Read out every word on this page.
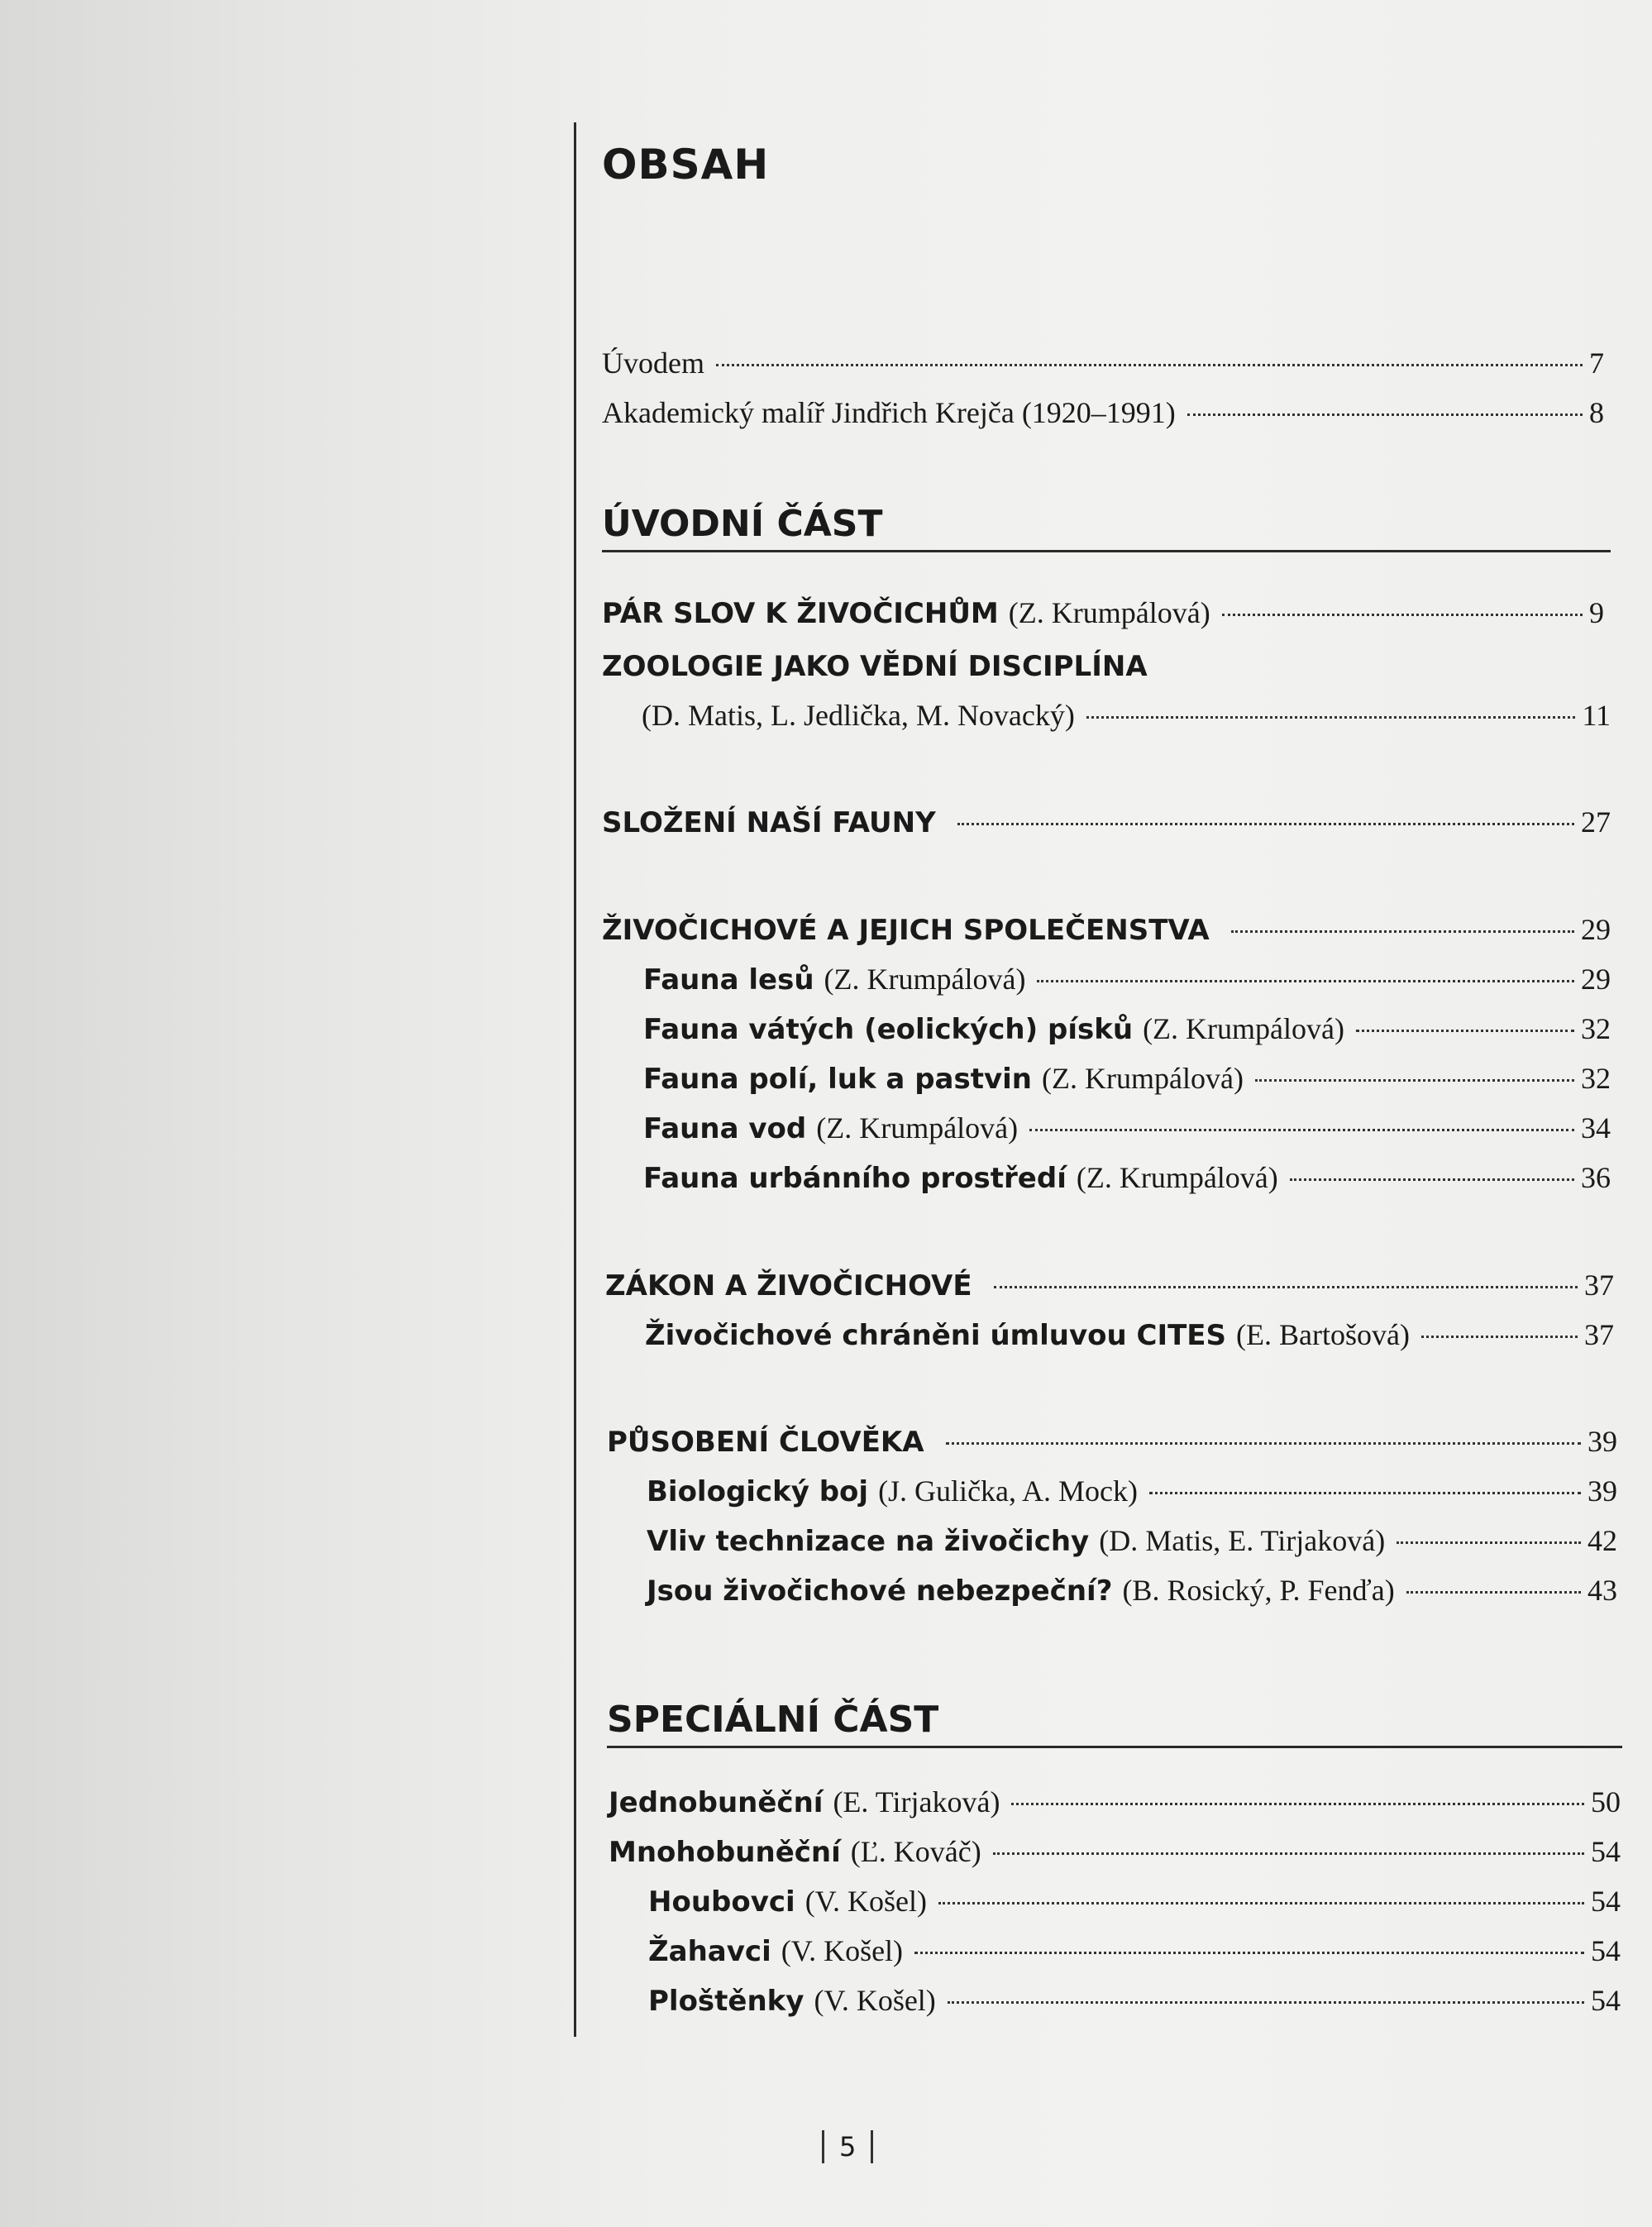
OBSAH
Úvodem	7
Akademický malíř Jindřich Krejča (1920–1991)	8
ÚVODNÍ ČÁST
PÁR SLOV K ŽIVOČICHŮM (Z. Krumpálová)	9
ZOOLOGIE JAKO VĚDNÍ DISCIPLÍNA
(D. Matis, L. Jedlička, M. Novacký)	11
SLOŽENÍ NAŠÍ FAUNY	27
ŽIVOČICHOVÉ A JEJICH SPOLEČENSTVA	29
Fauna lesů (Z. Krumpálová)	29
Fauna vátých (eolických) písků (Z. Krumpálová)	32
Fauna polí, luk a pastvin (Z. Krumpálová)	32
Fauna vod (Z. Krumpálová)	34
Fauna urbánního prostředí (Z. Krumpálová)	36
ZÁKON A ŽIVOČICHOVÉ	37
Živočichové chráněni úmluvou CITES (E. Bartošová)	37
PŮSOBENÍ ČLOVĚKA	39
Biologický boj (J. Gulička, A. Mock)	39
Vliv technizace na živočichy (D. Matis, E. Tirjaková)	42
Jsou živočichové nebezpeční? (B. Rosický, P. Fenďa)	43
SPECIÁLNÍ ČÁST
Jednobuněční (E. Tirjaková)	50
Mnohobuněční (Ľ. Kováč)	54
Houbovci (V. Košel)	54
Žahavci (V. Košel)	54
Ploštěnky (V. Košel)	54
5
